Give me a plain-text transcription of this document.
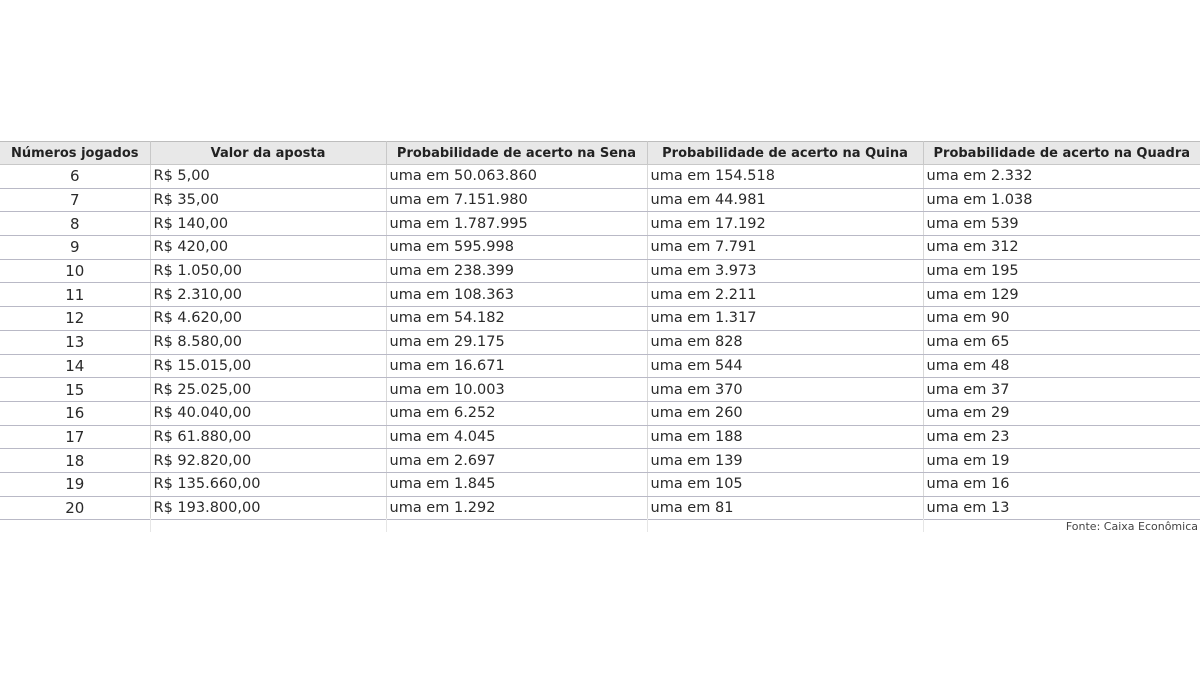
Números jogados	Valor da aposta	Probabilidade de acerto na Sena	Probabilidade de acerto na Quina	Probabilidade de acerto na Quadra
6	R$ 5,00	uma em 50.063.860	uma em 154.518	uma em 2.332
7	R$ 35,00	uma em 7.151.980	uma em 44.981	uma em 1.038
8	R$ 140,00	uma em 1.787.995	uma em 17.192	uma em 539
9	R$ 420,00	uma em 595.998	uma em 7.791	uma em 312
10	R$ 1.050,00	uma em 238.399	uma em 3.973	uma em 195
11	R$ 2.310,00	uma em 108.363	uma em 2.211	uma em 129
12	R$ 4.620,00	uma em 54.182	uma em 1.317	uma em 90
13	R$ 8.580,00	uma em 29.175	uma em 828	uma em 65
14	R$ 15.015,00	uma em 16.671	uma em 544	uma em 48
15	R$ 25.025,00	uma em 10.003	uma em 370	uma em 37
16	R$ 40.040,00	uma em 6.252	uma em 260	uma em 29
17	R$ 61.880,00	uma em 4.045	uma em 188	uma em 23
18	R$ 92.820,00	uma em 2.697	uma em 139	uma em 19
19	R$ 135.660,00	uma em 1.845	uma em 105	uma em 16
20	R$ 193.800,00	uma em 1.292	uma em 81	uma em 13
Fonte: Caixa Econômica
